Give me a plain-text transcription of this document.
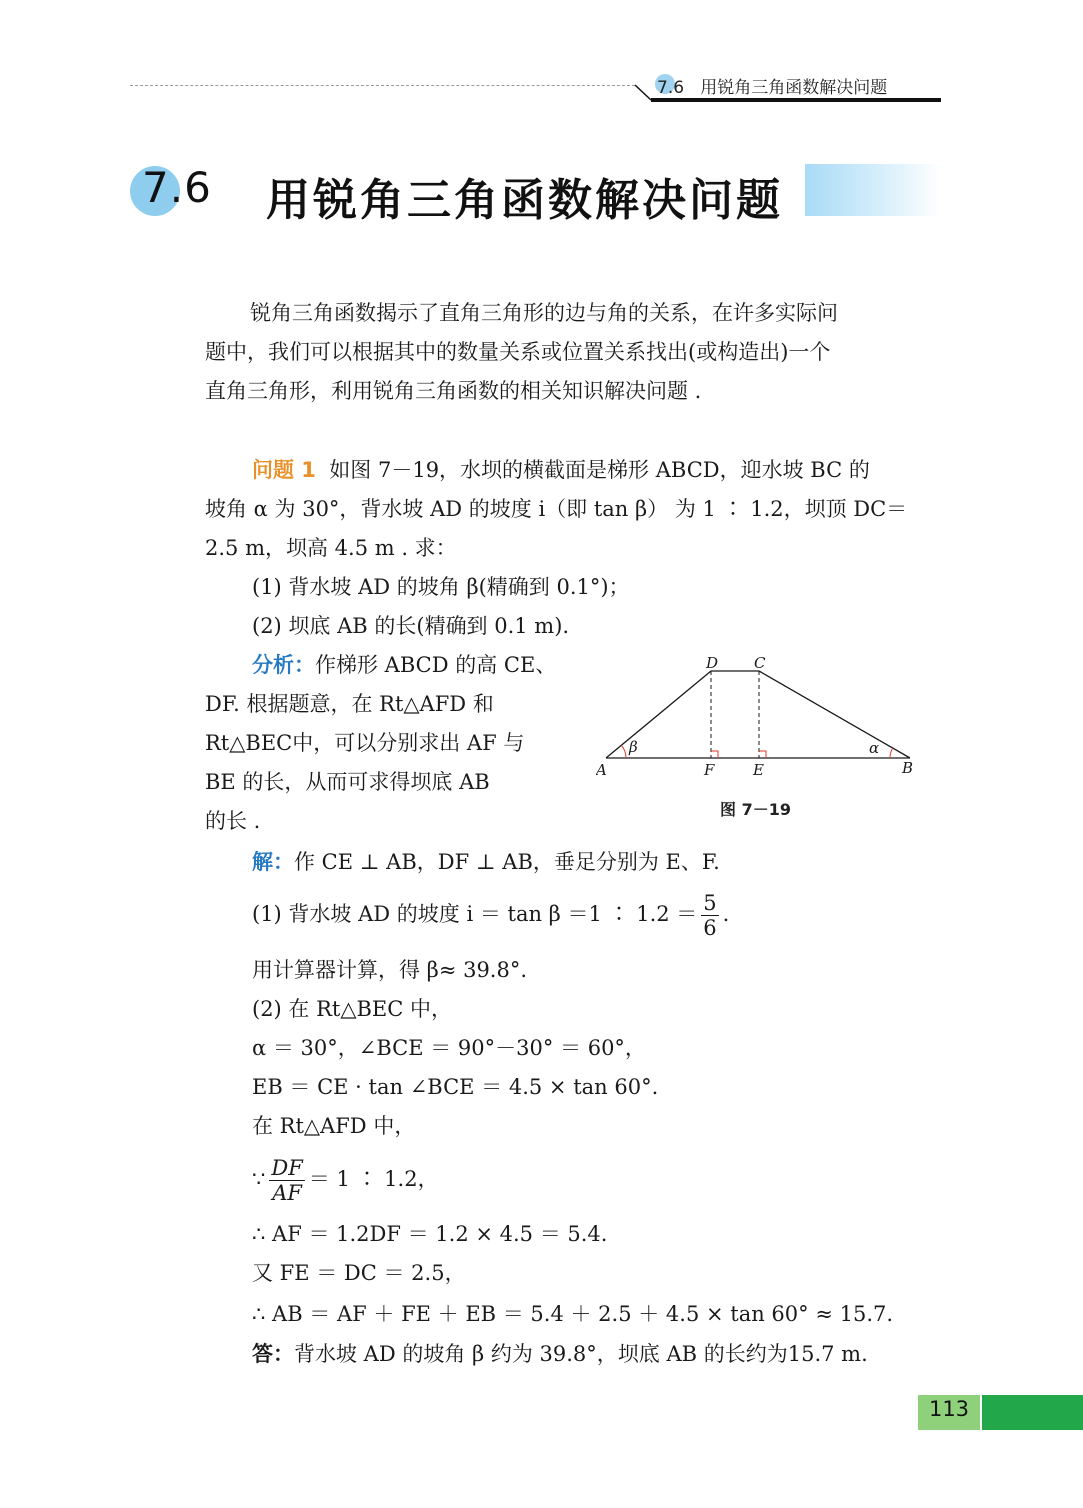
7.6 用锐角三角函数解决问题
7.6 用锐角三角函数解决问题
锐角三角函数揭示了直角三角形的边与角的关系，在许多实际问
题中，我们可以根据其中的数量关系或位置关系找出(或构造出)一个
直角三角形，利用锐角三角函数的相关知识解决问题 .
问题 1 如图 7－19，水坝的横截面是梯形 ABCD，迎水坡 BC 的
坡角 α 为 30°，背水坡 AD 的坡度 i（即 tan β） 为 1 ∶ 1.2，坝顶 DC＝
2.5 m，坝高 4.5 m . 求：
(1) 背水坡 AD 的坡角 β(精确到 0.1°)；
(2) 坝底 AB 的长(精确到 0.1 m).
分析：作梯形 ABCD 的高 CE、
DF. 根据题意，在 Rt△AFD 和
Rt△BEC中，可以分别求出 AF 与
BE 的长，从而可求得坝底 AB
的长 .
A	B
D C
F	E
β	α
图 7－19
解：作 CE ⊥ AB，DF ⊥ AB，垂足分别为 E、F.
(1) 背水坡 AD 的坡度 i ＝ tan β ＝1 ∶ $1.2 = \frac{5}{6}$ .
用计算器计算，得 β≈ 39.8°.
(2) 在 Rt△BEC 中，
α ＝ 30°，∠BCE ＝ 90°－30° ＝ 60°，
EB ＝ CE · tan ∠BCE ＝ 4.5 × tan 60°.
在 Rt△AFD 中，
∵ $\frac{DF}{AF} = 1$ ∶ 1.2，
∴ AF ＝ 1.2DF ＝ 1.2 × 4.5 ＝ 5.4.
又 FE ＝ DC ＝ 2.5，
∴ AB ＝ AF ＋ FE ＋ EB ＝ 5.4 ＋ 2.5 ＋ 4.5 × tan 60° ≈ 15.7.
答：背水坡 AD 的坡角 β 约为 39.8°，坝底 AB 的长约为15.7 m.
113
